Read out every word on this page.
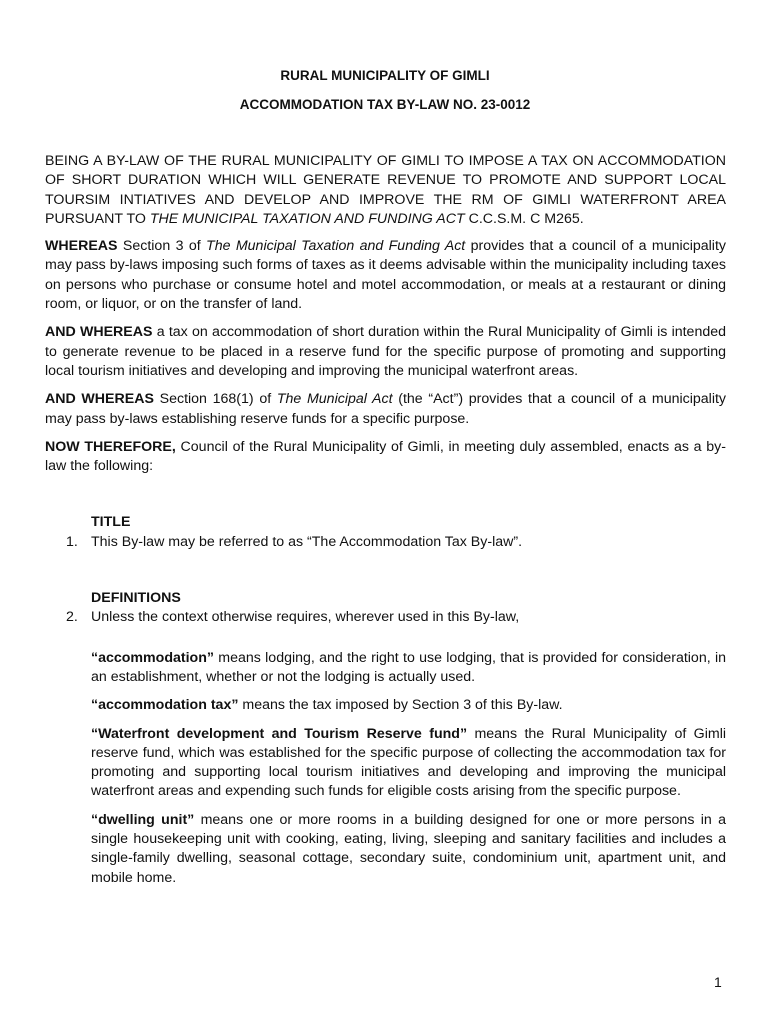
RURAL MUNICIPALITY OF GIMLI
ACCOMMODATION TAX BY-LAW NO. 23-0012

BEING A BY-LAW OF THE RURAL MUNICIPALITY OF GIMLI TO IMPOSE A TAX ON ACCOMMODATION OF SHORT DURATION WHICH WILL GENERATE REVENUE TO PROMOTE AND SUPPORT LOCAL TOURSIM INTIATIVES AND DEVELOP AND IMPROVE THE RM OF GIMLI WATERFRONT AREA PURSUANT TO THE MUNICIPAL TAXATION AND FUNDING ACT C.C.S.M. C M265.

WHEREAS Section 3 of The Municipal Taxation and Funding Act provides that a council of a municipality may pass by-laws imposing such forms of taxes as it deems advisable within the municipality including taxes on persons who purchase or consume hotel and motel accommodation, or meals at a restaurant or dining room, or liquor, or on the transfer of land.

AND WHEREAS a tax on accommodation of short duration within the Rural Municipality of Gimli is intended to generate revenue to be placed in a reserve fund for the specific purpose of promoting and supporting local tourism initiatives and developing and improving the municipal waterfront areas.

AND WHEREAS Section 168(1) of The Municipal Act (the “Act”) provides that a council of a municipality may pass by-laws establishing reserve funds for a specific purpose.

NOW THEREFORE, Council of the Rural Municipality of Gimli, in meeting duly assembled, enacts as a by-law the following:

TITLE
1. This By-law may be referred to as “The Accommodation Tax By-law”.
DEFINITIONS
2. Unless the context otherwise requires, wherever used in this By-law,

“accommodation” means lodging, and the right to use lodging, that is provided for consideration, in an establishment, whether or not the lodging is actually used.

“accommodation tax” means the tax imposed by Section 3 of this By-law.

“Waterfront development and Tourism Reserve fund” means the Rural Municipality of Gimli reserve fund, which was established for the specific purpose of collecting the accommodation tax for promoting and supporting local tourism initiatives and developing and improving the municipal waterfront areas and expending such funds for eligible costs arising from the specific purpose.

“dwelling unit” means one or more rooms in a building designed for one or more persons in a single housekeeping unit with cooking, eating, living, sleeping and sanitary facilities and includes a single-family dwelling, seasonal cottage, secondary suite, condominium unit, apartment unit, and mobile home.

1
